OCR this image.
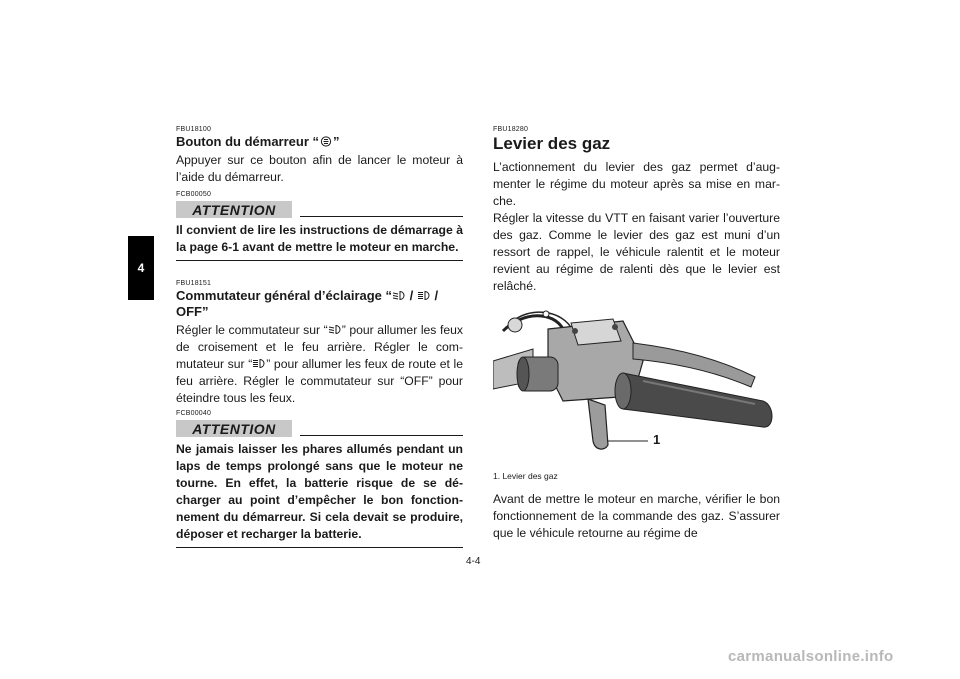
4

FBU18100

Bouton du démarreur “ ”

Appuyer sur ce bouton afin de lancer le moteur à l’aide du démarreur.

FCB00050

ATTENTION

Il convient de lire les instructions de démarrage à la page 6-1 avant de mettre le moteur en marche.

FBU18151

Commutateur général d’éclairage “ / / OFF”

Régler le commutateur sur “ ” pour allumer les feux de croisement et le feu arrière. Régler le commutateur sur “ ” pour allumer les feux de route et le feu arrière. Régler le commutateur sur “OFF” pour éteindre tous les feux.

FCB00040

ATTENTION

Ne jamais laisser les phares allumés pendant un laps de temps prolongé sans que le moteur ne tourne. En effet, la batterie risque de se décharger au point d’empêcher le bon fonctionnement du démarreur. Si cela devait se produire, déposer et recharger la batterie.

FBU18280

Levier des gaz

L’actionnement du levier des gaz permet d’augmenter le régime du moteur après sa mise en marche.

Régler la vitesse du VTT en faisant varier l’ouverture des gaz. Comme le levier des gaz est muni d’un ressort de rappel, le véhicule ralentit et le moteur revient au régime de ralenti dès que le levier est relâché.

1

1. Levier des gaz

Avant de mettre le moteur en marche, vérifier le bon fonctionnement de la commande des gaz. S’assurer que le véhicule retourne au régime de

4-4
carmanualsonline.info
